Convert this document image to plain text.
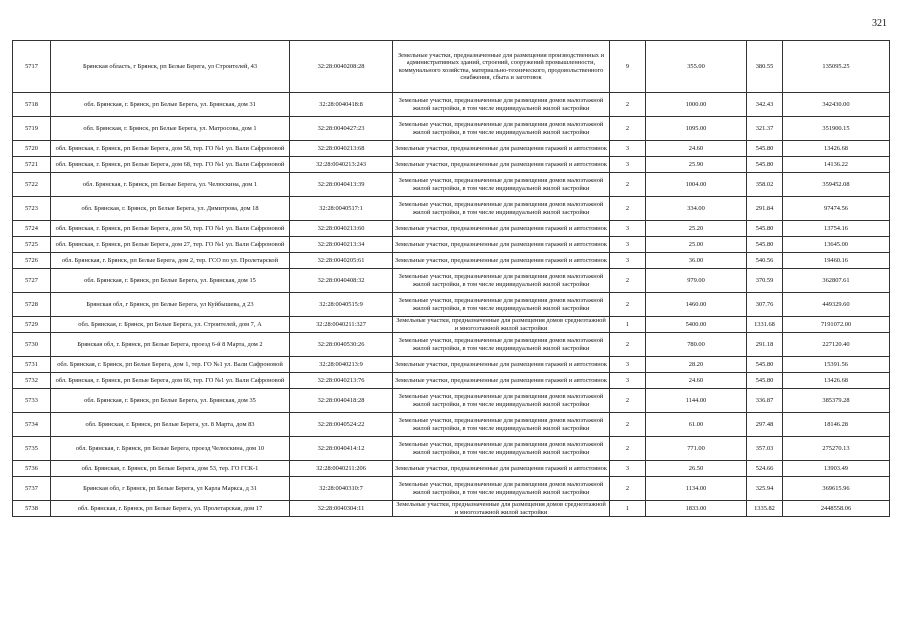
321
5717	Брянская область, г Брянск, рп Белые Берега, ул Строителей, 43	32:28:0040208:28	Земельные участки, предназначенные для размещения производственных и административных зданий, строений, сооружений промышленности, коммунального хозяйства, материально-технического, продовольственного снабжения, сбыта и заготовок	9	355.00	380.55	135095.25
5718	обл. Брянская, г. Брянск, рп Белые Берега, ул. Брянская, дом 31	32:28:0040418:8	Земельные участки, предназначенные для размещения домов малоэтажной жилой застройки, в том числе индивидуальной жилой застройки	2	1000.00	342.43	342430.00
5719	обл. Брянская, г. Брянск, рп Белые Берега, ул. Матросова, дом 1	32:28:0040427:23	Земельные участки, предназначенные для размещения домов малоэтажной жилой застройки, в том числе индивидуальной жилой застройки	2	1095.00	321.37	351900.15
5720	обл. Брянская, г. Брянск, рп Белые Берега, дом 58, тер. ГО №1 ул. Вали Сафроновой	32:28:0040213:68	Земельные участки, предназначенные для размещения гаражей и автостоянок	3	24.60	545.80	13426.68
5721	обл. Брянская, г. Брянск, рп Белые Берега, дом 68, тер. ГО №1 ул. Вали Сафроновой	32:28:0040213:243	Земельные участки, предназначенные для размещения гаражей и автостоянок	3	25.90	545.80	14136.22
5722	обл. Брянская, г. Брянск, рп Белые Берега, ул. Челюскина, дом 1	32:28:0040413:39	Земельные участки, предназначенные для размещения домов малоэтажной жилой застройки, в том числе индивидуальной жилой застройки	2	1004.00	358.02	359452.08
5723	обл. Брянская, г. Брянск, рп Белые Берега, ул. Димитрова, дом 18	32:28:0040517:1	Земельные участки, предназначенные для размещения домов малоэтажной жилой застройки, в том числе индивидуальной жилой застройки	2	334.00	291.84	97474.56
5724	обл. Брянская, г. Брянск, рп Белые Берега, дом 50, тер. ГО №1 ул. Вали Сафроновой	32:28:0040213:60	Земельные участки, предназначенные для размещения гаражей и автостоянок	3	25.20	545.80	13754.16
5725	обл. Брянская, г. Брянск, рп Белые Берега, дом 27, тер. ГО №1 ул. Вали Сафроновой	32:28:0040213:34	Земельные участки, предназначенные для размещения гаражей и автостоянок	3	25.00	545.80	13645.00
5726	обл. Брянская, г. Брянск, рп Белые Берега, дом 2, тер. ГСО по ул. Пролетарской	32:28:0040205:61	Земельные участки, предназначенные для размещения гаражей и автостоянок	3	36.00	540.56	19460.16
5727	обл. Брянская, г. Брянск, рп Белые Берега, ул. Брянская, дом 15	32:28:0040408:32	Земельные участки, предназначенные для размещения домов малоэтажной жилой застройки, в том числе индивидуальной жилой застройки	2	979.00	370.59	362807.61
5728	Брянская обл, г Брянск, рп Белые Берега, ул Куйбышева, д 23	32:28:0040515:9	Земельные участки, предназначенные для размещения домов малоэтажной жилой застройки, в том числе индивидуальной жилой застройки	2	1460.00	307.76	449329.60
5729	обл. Брянская, г. Брянск, рп Белые Берега, ул. Строителей, дом 7, А	32:28:0040211:327	Земельные участки, предназначенные для размещения домов среднеэтажной и многоэтажной жилой застройки	1	5400.00	1331.68	7191072.00
5730	Брянская обл, г. Брянск, рп Белые Берега, проезд 6-й 8 Марта, дом 2	32:28:0040530:26	Земельные участки, предназначенные для размещения домов малоэтажной жилой застройки, в том числе индивидуальной жилой застройки	2	780.00	291.18	227120.40
5731	обл. Брянская, г. Брянск, рп Белые Берега, дом 1, тер. ГО №1 ул. Вали Сафроновой	32:28:0040213:9	Земельные участки, предназначенные для размещения гаражей и автостоянок	3	28.20	545.80	15391.56
5732	обл. Брянская, г. Брянск, рп Белые Берега, дом 66, тер. ГО №1 ул. Вали Сафроновой	32:28:0040213:76	Земельные участки, предназначенные для размещения гаражей и автостоянок	3	24.60	545.80	13426.68
5733	обл. Брянская, г. Брянск, рп Белые Берега, ул. Брянская, дом 35	32:28:0040418:28	Земельные участки, предназначенные для размещения домов малоэтажной жилой застройки, в том числе индивидуальной жилой застройки	2	1144.00	336.87	385379.28
5734	обл. Брянская, г. Брянск, рп Белые Берега, ул. 8 Марта, дом 83	32:28:0040524:22	Земельные участки, предназначенные для размещения домов малоэтажной жилой застройки, в том числе индивидуальной жилой застройки	2	61.00	297.48	18146.28
5735	обл. Брянская, г. Брянск, рп Белые Берега, проезд Челюскина, дом 10	32:28:0040414:12	Земельные участки, предназначенные для размещения домов малоэтажной жилой застройки, в том числе индивидуальной жилой застройки	2	771.00	357.03	275270.13
5736	обл. Брянская, г. Брянск, рп Белые Берега, дом 53, тер. ГО ГСК-1	32:28:0040211:206	Земельные участки, предназначенные для размещения гаражей и автостоянок	3	26.50	524.66	13903.49
5737	Брянская обл, г Брянск, рп Белые Берега, ул Карла Маркса, д 31	32:28:0040310:7	Земельные участки, предназначенные для размещения домов малоэтажной жилой застройки, в том числе индивидуальной жилой застройки	2	1134.00	325.94	369615.96
5738	обл. Брянская, г. Брянск, рп Белые Берега, ул. Пролетарская, дом 17	32:28:0040304:11	Земельные участки, предназначенные для размещения домов среднеэтажной и многоэтажной жилой застройки	1	1833.00	1335.82	2448558.06
